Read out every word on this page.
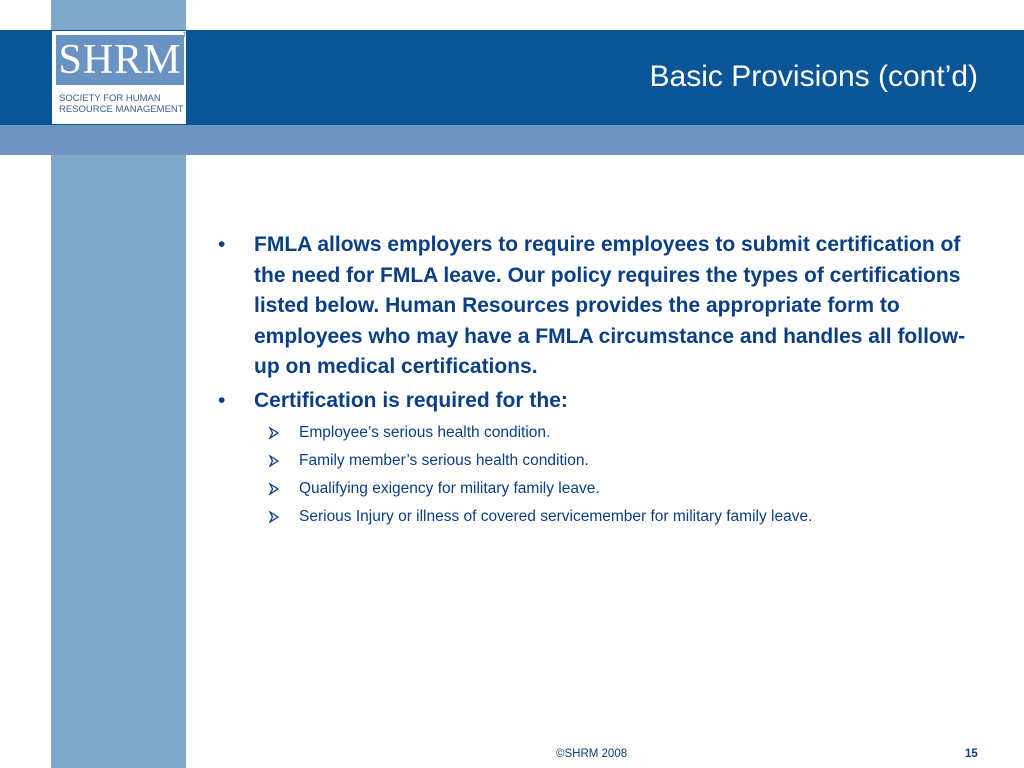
SHRM
TM
SOCIETY FOR HUMAN RESOURCE MANAGEMENT
Basic Provisions (cont’d)
• FMLA allows employers to require employees to submit certification of the need for FMLA leave. Our policy requires the types of certifications listed below. Human Resources provides the appropriate form to employees who may have a FMLA circumstance and handles all follow-up on medical certifications.
• Certification is required for the:
Employee’s serious health condition.
Family member’s serious health condition.
Qualifying exigency for military family leave.
Serious Injury or illness of covered servicemember for military family leave.
©SHRM 2008	15
